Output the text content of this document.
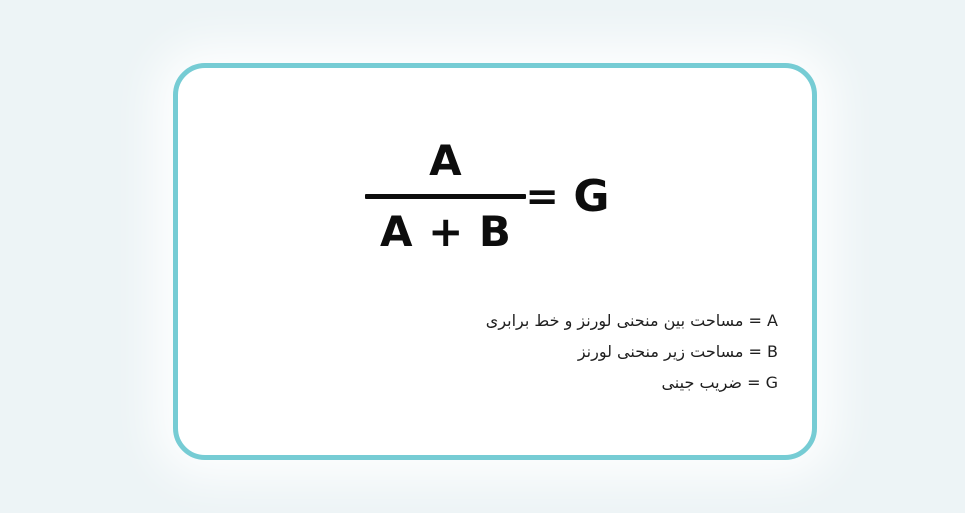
A
A + B
= G
A = مساحت بین منحنی لورنز و خط برابری
B = مساحت زیر منحنی لورنز
G = ضریب جینی
